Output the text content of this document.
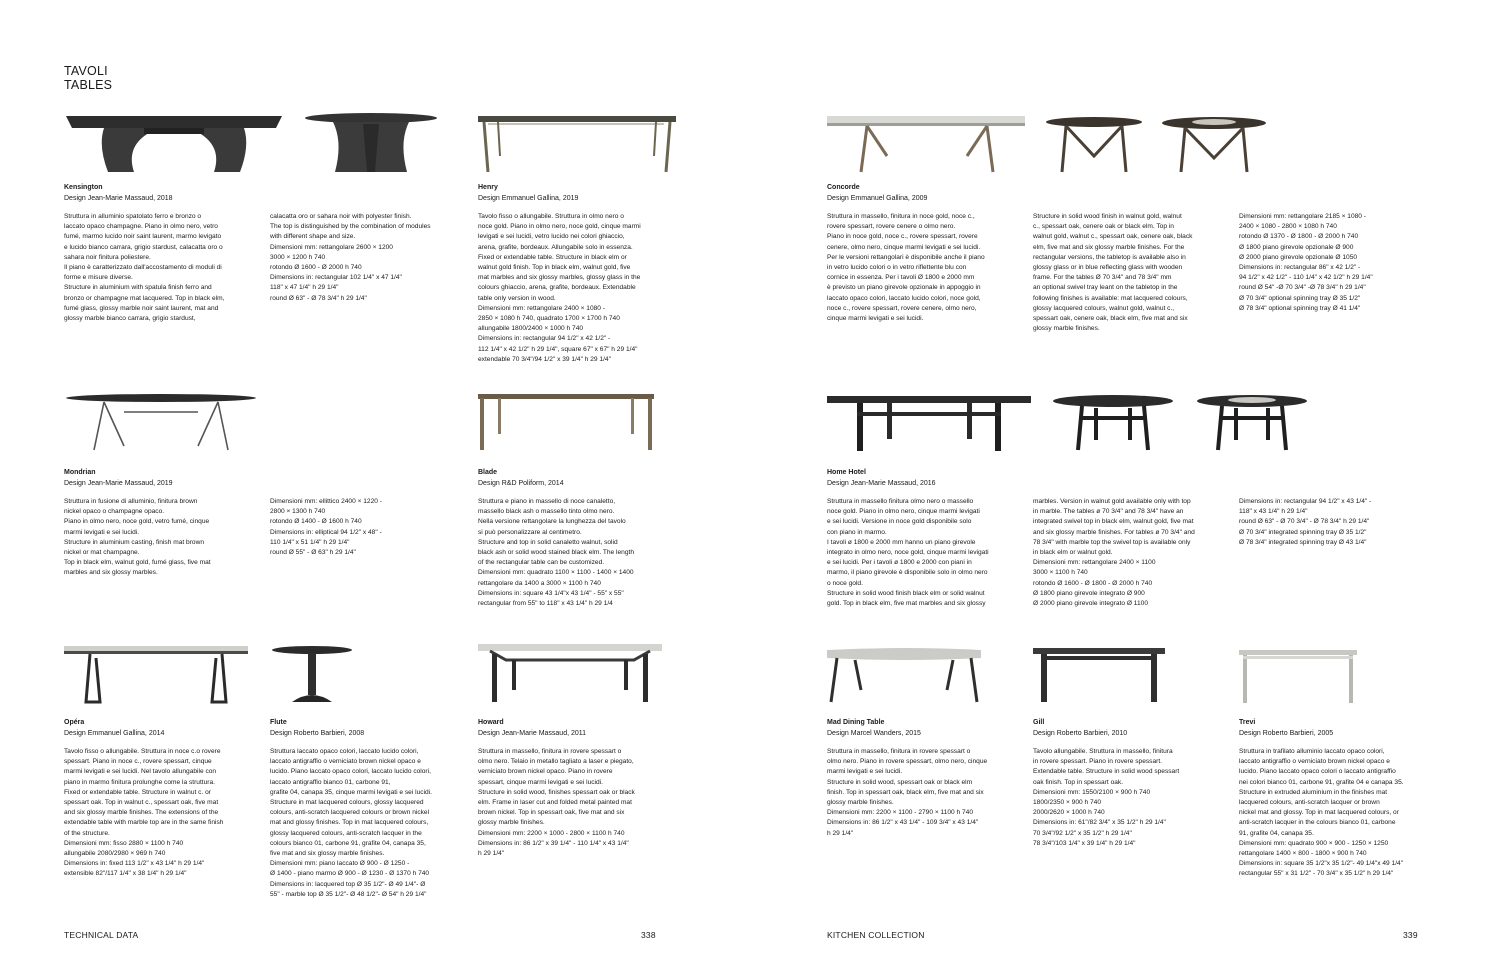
TAVOLI
TABLES
Kensington
Design Jean-Marie Massaud, 2018
Struttura in alluminio spatolato ferro e bronzo o
laccato opaco champagne. Piano in olmo nero, vetro
fumé, marmo lucido noir saint laurent, marmo levigato
e lucido bianco carrara, grigio stardust, calacatta oro o
sahara noir finitura poliestere.
Il piano è caratterizzato dall'accostamento di moduli di
forme e misure diverse.
Structure in aluminium with spatula finish ferro and
bronzo or champagne mat lacquered. Top in black elm,
fumé glass, glossy marble noir saint laurent, mat and
glossy marble bianco carrara, grigio stardust,
calacatta oro or sahara noir with polyester finish.
The top is distinguished by the combination of modules
with different shape and size.
Dimensioni mm: rettangolare 2600 × 1200
3000 × 1200 h 740
rotondo Ø 1600 - Ø 2000 h 740
Dimensions in: rectangular 102 1/4" x 47 1/4"
118" x 47 1/4" h 29 1/4"
round Ø 63" - Ø 78 3/4" h 29 1/4"
Henry
Design Emmanuel Gallina, 2019
Tavolo fisso o allungabile. Struttura in olmo nero o
noce gold. Piano in olmo nero, noce gold, cinque marmi
levigati e sei lucidi, vetro lucido nei colori ghiaccio,
arena, grafite, bordeaux. Allungabile solo in essenza.
Fixed or extendable table. Structure in black elm or
walnut gold finish. Top in black elm, walnut gold, five
mat marbles and six glossy marbles, glossy glass in the
colours ghiaccio, arena, grafite, bordeaux. Extendable
table only version in wood.
Dimensioni mm: rettangolare 2400 × 1080 -
2850 × 1080 h 740, quadrato 1700 × 1700 h 740
allungabile 1800/2400 × 1000 h 740
Dimensions in: rectangular 94 1/2" x 42 1/2" -
112 1/4" x 42 1/2" h 29 1/4", square 67" x 67" h 29 1/4"
extendable 70 3/4"/94 1/2" x 39 1/4" h 29 1/4"
Concorde
Design Emmanuel Gallina, 2009
Struttura in massello, finitura in noce gold, noce c.,
rovere spessart, rovere cenere o olmo nero.
Piano in noce gold, noce c., rovere spessart, rovere
cenere, olmo nero, cinque marmi levigati e sei lucidi.
Per le versioni rettangolari è disponibile anche il piano
in vetro lucido colori o in vetro riflettente blu con
cornice in essenza. Per i tavoli Ø 1800 e 2000 mm
è previsto un piano girevole opzionale in appoggio in
laccato opaco colori, laccato lucido colori, noce gold,
noce c., rovere spessart, rovere cenere, olmo nero,
cinque marmi levigati e sei lucidi.
Structure in solid wood finish in walnut gold, walnut
c., spessart oak, cenere oak or black elm. Top in
walnut gold, walnut c., spessart oak, cenere oak, black
elm, five mat and six glossy marble finishes. For the
rectangular versions, the tabletop is available also in
glossy glass or in blue reflecting glass with wooden
frame. For the tables Ø 70 3/4" and 78 3/4" mm
an optional swivel tray leant on the tabletop in the
following finishes is available: mat lacquered colours,
glossy lacquered colours, walnut gold, walnut c.,
spessart oak, cenere oak, black elm, five mat and six
glossy marble finishes.
Dimensioni mm: rettangolare 2185 × 1080 -
2400 × 1080 - 2800 × 1080 h 740
rotondo Ø 1370 - Ø 1800 - Ø 2000 h 740
Ø 1800 piano girevole opzionale Ø 900
Ø 2000 piano girevole opzionale Ø 1050
Dimensions in: rectangular 86" x 42 1/2" -
94 1/2" x 42 1/2" - 110 1/4" x 42 1/2" h 29 1/4"
round Ø 54" -Ø 70 3/4" -Ø 78 3/4" h 29 1/4"
Ø 70 3/4" optional spinning tray Ø 35 1/2"
Ø 78 3/4" optional spinning tray Ø 41 1/4"
Mondrian
Design Jean-Marie Massaud, 2019
Struttura in fusione di alluminio, finitura brown
nickel opaco o champagne opaco.
Piano in olmo nero, noce gold, vetro fumé, cinque
marmi levigati e sei lucidi.
Structure in aluminium casting, finish mat brown
nickel or mat champagne.
Top in black elm, walnut gold, fumé glass, five mat
marbles and six glossy marbles.
Dimensioni mm: ellittico 2400 × 1220 -
2800 × 1300 h 740
rotondo Ø 1400 - Ø 1600 h 740
Dimensions in: elliptical 94 1/2" x 48" -
110 1/4" x 51 1/4" h 29 1/4"
round Ø 55" - Ø 63" h 29 1/4"
Blade
Design R&D Poliform, 2014
Struttura e piano in massello di noce canaletto,
massello black ash o massello tinto olmo nero.
Nella versione rettangolare la lunghezza del tavolo
si può personalizzare al centimetro.
Structure and top in solid canaletto walnut, solid
black ash or solid wood stained black elm. The length
of the rectangular table can be customized.
Dimensioni mm: quadrato 1100 × 1100 - 1400 × 1400
rettangolare da 1400 a 3000 × 1100 h 740
Dimensions in: square 43 1/4"x 43 1/4" - 55" x 55"
rectangular from 55" to 118" x 43 1/4" h 29 1/4
Home Hotel
Design Jean-Marie Massaud, 2016
Struttura in massello finitura olmo nero o massello
noce gold. Piano in olmo nero, cinque marmi levigati
e sei lucidi. Versione in noce gold disponibile solo
con piano in marmo.
I tavoli ø 1800 e 2000 mm hanno un piano girevole
integrato in olmo nero, noce gold, cinque marmi levigati
e sei lucidi. Per i tavoli ø 1800 e 2000 con piani in
marmo, il piano girevole è disponibile solo in olmo nero
o noce gold.
Structure in solid wood finish black elm or solid walnut
gold. Top in black elm, five mat marbles and six glossy
marbles. Version in walnut gold available only with top
in marble. The tables ø 70 3/4" and 78 3/4" have an
integrated swivel top in black elm, walnut gold, five mat
and six glossy marble finishes. For tables ø 70 3/4" and
78 3/4" with marble top the swivel top is available only
in black elm or walnut gold.
Dimensioni mm: rettangolare 2400 × 1100
3000 × 1100 h 740
rotondo Ø 1600 - Ø 1800 - Ø 2000 h 740
Ø 1800 piano girevole integrato Ø 900
Ø 2000 piano girevole integrato Ø 1100
Dimensions in: rectangular 94 1/2" x 43 1/4" -
118" x 43 1/4" h 29 1/4"
round Ø 63" - Ø 70 3/4" - Ø 78 3/4" h 29 1/4"
Ø 70 3/4" integrated spinning tray Ø 35 1/2"
Ø 78 3/4" integrated spinning tray Ø 43 1/4"
Opéra
Design Emmanuel Gallina, 2014
Tavolo fisso o allungabile. Struttura in noce c.o rovere
spessart. Piano in noce c., rovere spessart, cinque
marmi levigati e sei lucidi. Nel tavolo allungabile con
piano in marmo finitura prolunghe come la struttura.
Fixed or extendable table. Structure in walnut c. or
spessart oak. Top in walnut c., spessart oak, five mat
and six glossy marble finishes. The extensions of the
extendable table with marble top are in the same finish
of the structure.
Dimensioni mm: fisso 2880 × 1100 h 740
allungabile 2080/2980 × 969 h 740
Dimensions in: fixed 113 1/2" x 43 1/4" h 29 1/4"
extensible 82"/117 1/4" x 38 1/4" h 29 1/4"
Flute
Design Roberto Barbieri, 2008
Struttura laccato opaco colori, laccato lucido colori,
laccato antigraffio o verniciato brown nickel opaco e
lucido. Piano laccato opaco colori, laccato lucido colori,
laccato antigraffio bianco 01, carbone 91,
grafite 04, canapa 35, cinque marmi levigati e sei lucidi.
Structure in mat lacquered colours, glossy lacquered
colours, anti-scratch lacquered colours or brown nickel
mat and glossy finishes. Top in mat lacquered colours,
glossy lacquered colours, anti-scratch lacquer in the
colours bianco 01, carbone 91, grafite 04, canapa 35,
five mat and six glossy marble finishes.
Dimensioni mm: piano laccato Ø 900 - Ø 1250 -
Ø 1400 - piano marmo Ø 900 - Ø 1230 - Ø 1370 h 740
Dimensions in: lacquered top Ø 35 1/2"- Ø 49 1/4"- Ø
55" - marble top Ø 35 1/2"- Ø 48 1/2"- Ø 54" h 29 1/4"
Howard
Design Jean-Marie Massaud, 2011
Struttura in massello, finitura in rovere spessart o
olmo nero. Telaio in metallo tagliato a laser e piegato,
verniciato brown nickel opaco. Piano in rovere
spessart, cinque marmi levigati e sei lucidi.
Structure in solid wood, finishes spessart oak or black
elm. Frame in laser cut and folded metal painted mat
brown nickel. Top in spessart oak, five mat and six
glossy marble finishes.
Dimensioni mm: 2200 × 1000 - 2800 × 1100 h 740
Dimensions in: 86 1/2" x 39 1/4" - 110 1/4" x 43 1/4"
h 29 1/4"
Mad Dining Table
Design Marcel Wanders, 2015
Struttura in massello, finitura in rovere spessart o
olmo nero. Piano in rovere spessart, olmo nero, cinque
marmi levigati e sei lucidi.
Structure in solid wood, spessart oak or black elm
finish. Top in spessart oak, black elm, five mat and six
glossy marble finishes.
Dimensioni mm: 2200 × 1100 - 2790 × 1100 h 740
Dimensions in: 86 1/2" x 43 1/4" - 109 3/4" x 43 1/4"
h 29 1/4"
Gill
Design Roberto Barbieri, 2010
Tavolo allungabile. Struttura in massello, finitura
in rovere spessart. Piano in rovere spessart.
Extendable table. Structure in solid wood spessart
oak finish. Top in spessart oak.
Dimensioni mm: 1550/2100 × 900 h 740
1800/2350 × 900 h 740
2000/2620 × 1000 h 740
Dimensions in: 61"/82 3/4" x 35 1/2" h 29 1/4"
70 3/4"/92 1/2" x 35 1/2" h 29 1/4"
78 3/4"/103 1/4" x 39 1/4" h 29 1/4"
Trevi
Design Roberto Barbieri, 2005
Struttura in trafilato alluminio laccato opaco colori,
laccato antigraffio o verniciato brown nickel opaco e
lucido. Piano laccato opaco colori o laccato antigraffio
nei colori bianco 01, carbone 91, grafite 04 e canapa 35.
Structure in extruded aluminium in the finishes mat
lacquered colours, anti-scratch lacquer or brown
nickel mat and glossy. Top in mat lacquered colours, or
anti-scratch lacquer in the colours bianco 01, carbone
91, grafite 04, canapa 35.
Dimensioni mm: quadrato 900 × 900 - 1250 × 1250
rettangolare 1400 × 800 - 1800 × 900 h 740
Dimensions in: square 35 1/2"x 35 1/2"- 49 1/4"x 49 1/4"
rectangular 55" x 31 1/2" - 70 3/4" x 35 1/2" h 29 1/4"
TECHNICAL DATA	338	KITCHEN COLLECTION	339
